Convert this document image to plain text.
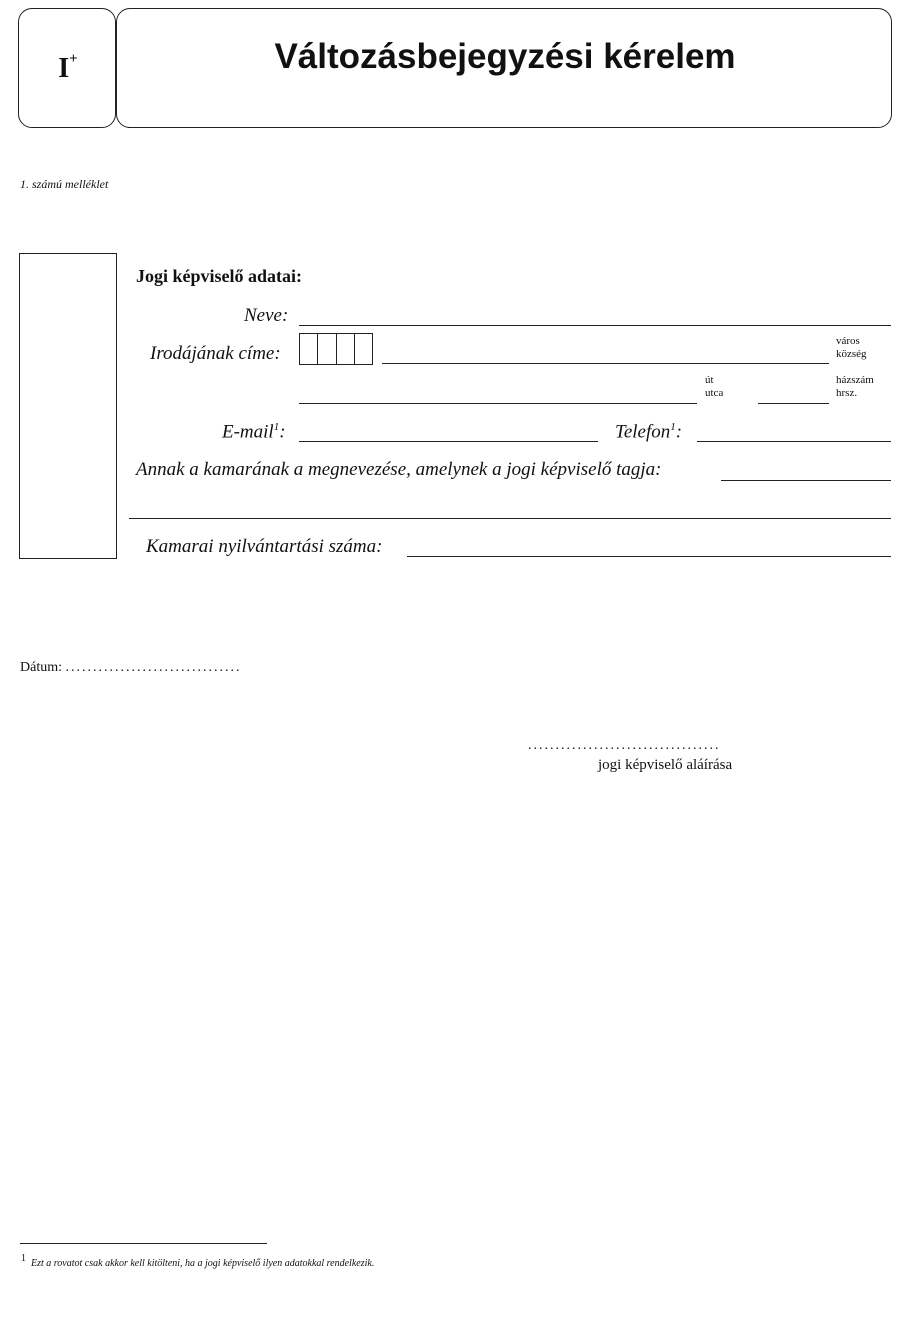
I+	Változásbejegyzési kérelem
1. számú melléklet
Jogi képviselő adatai:
Neve:
Irodájának címe:
város
község
út
utca
házszám
hrsz.
E-mail$^1$:	Telefon$^1$:
Annak a kamarának a megnevezése, amelynek a jogi képviselő tagja:
Kamarai nyilvántartási száma:
Dátum: ................................
...................................
jogi képviselő aláírása
1 Ezt a rovatot csak akkor kell kitölteni, ha a jogi képviselő ilyen adatokkal rendelkezik.
